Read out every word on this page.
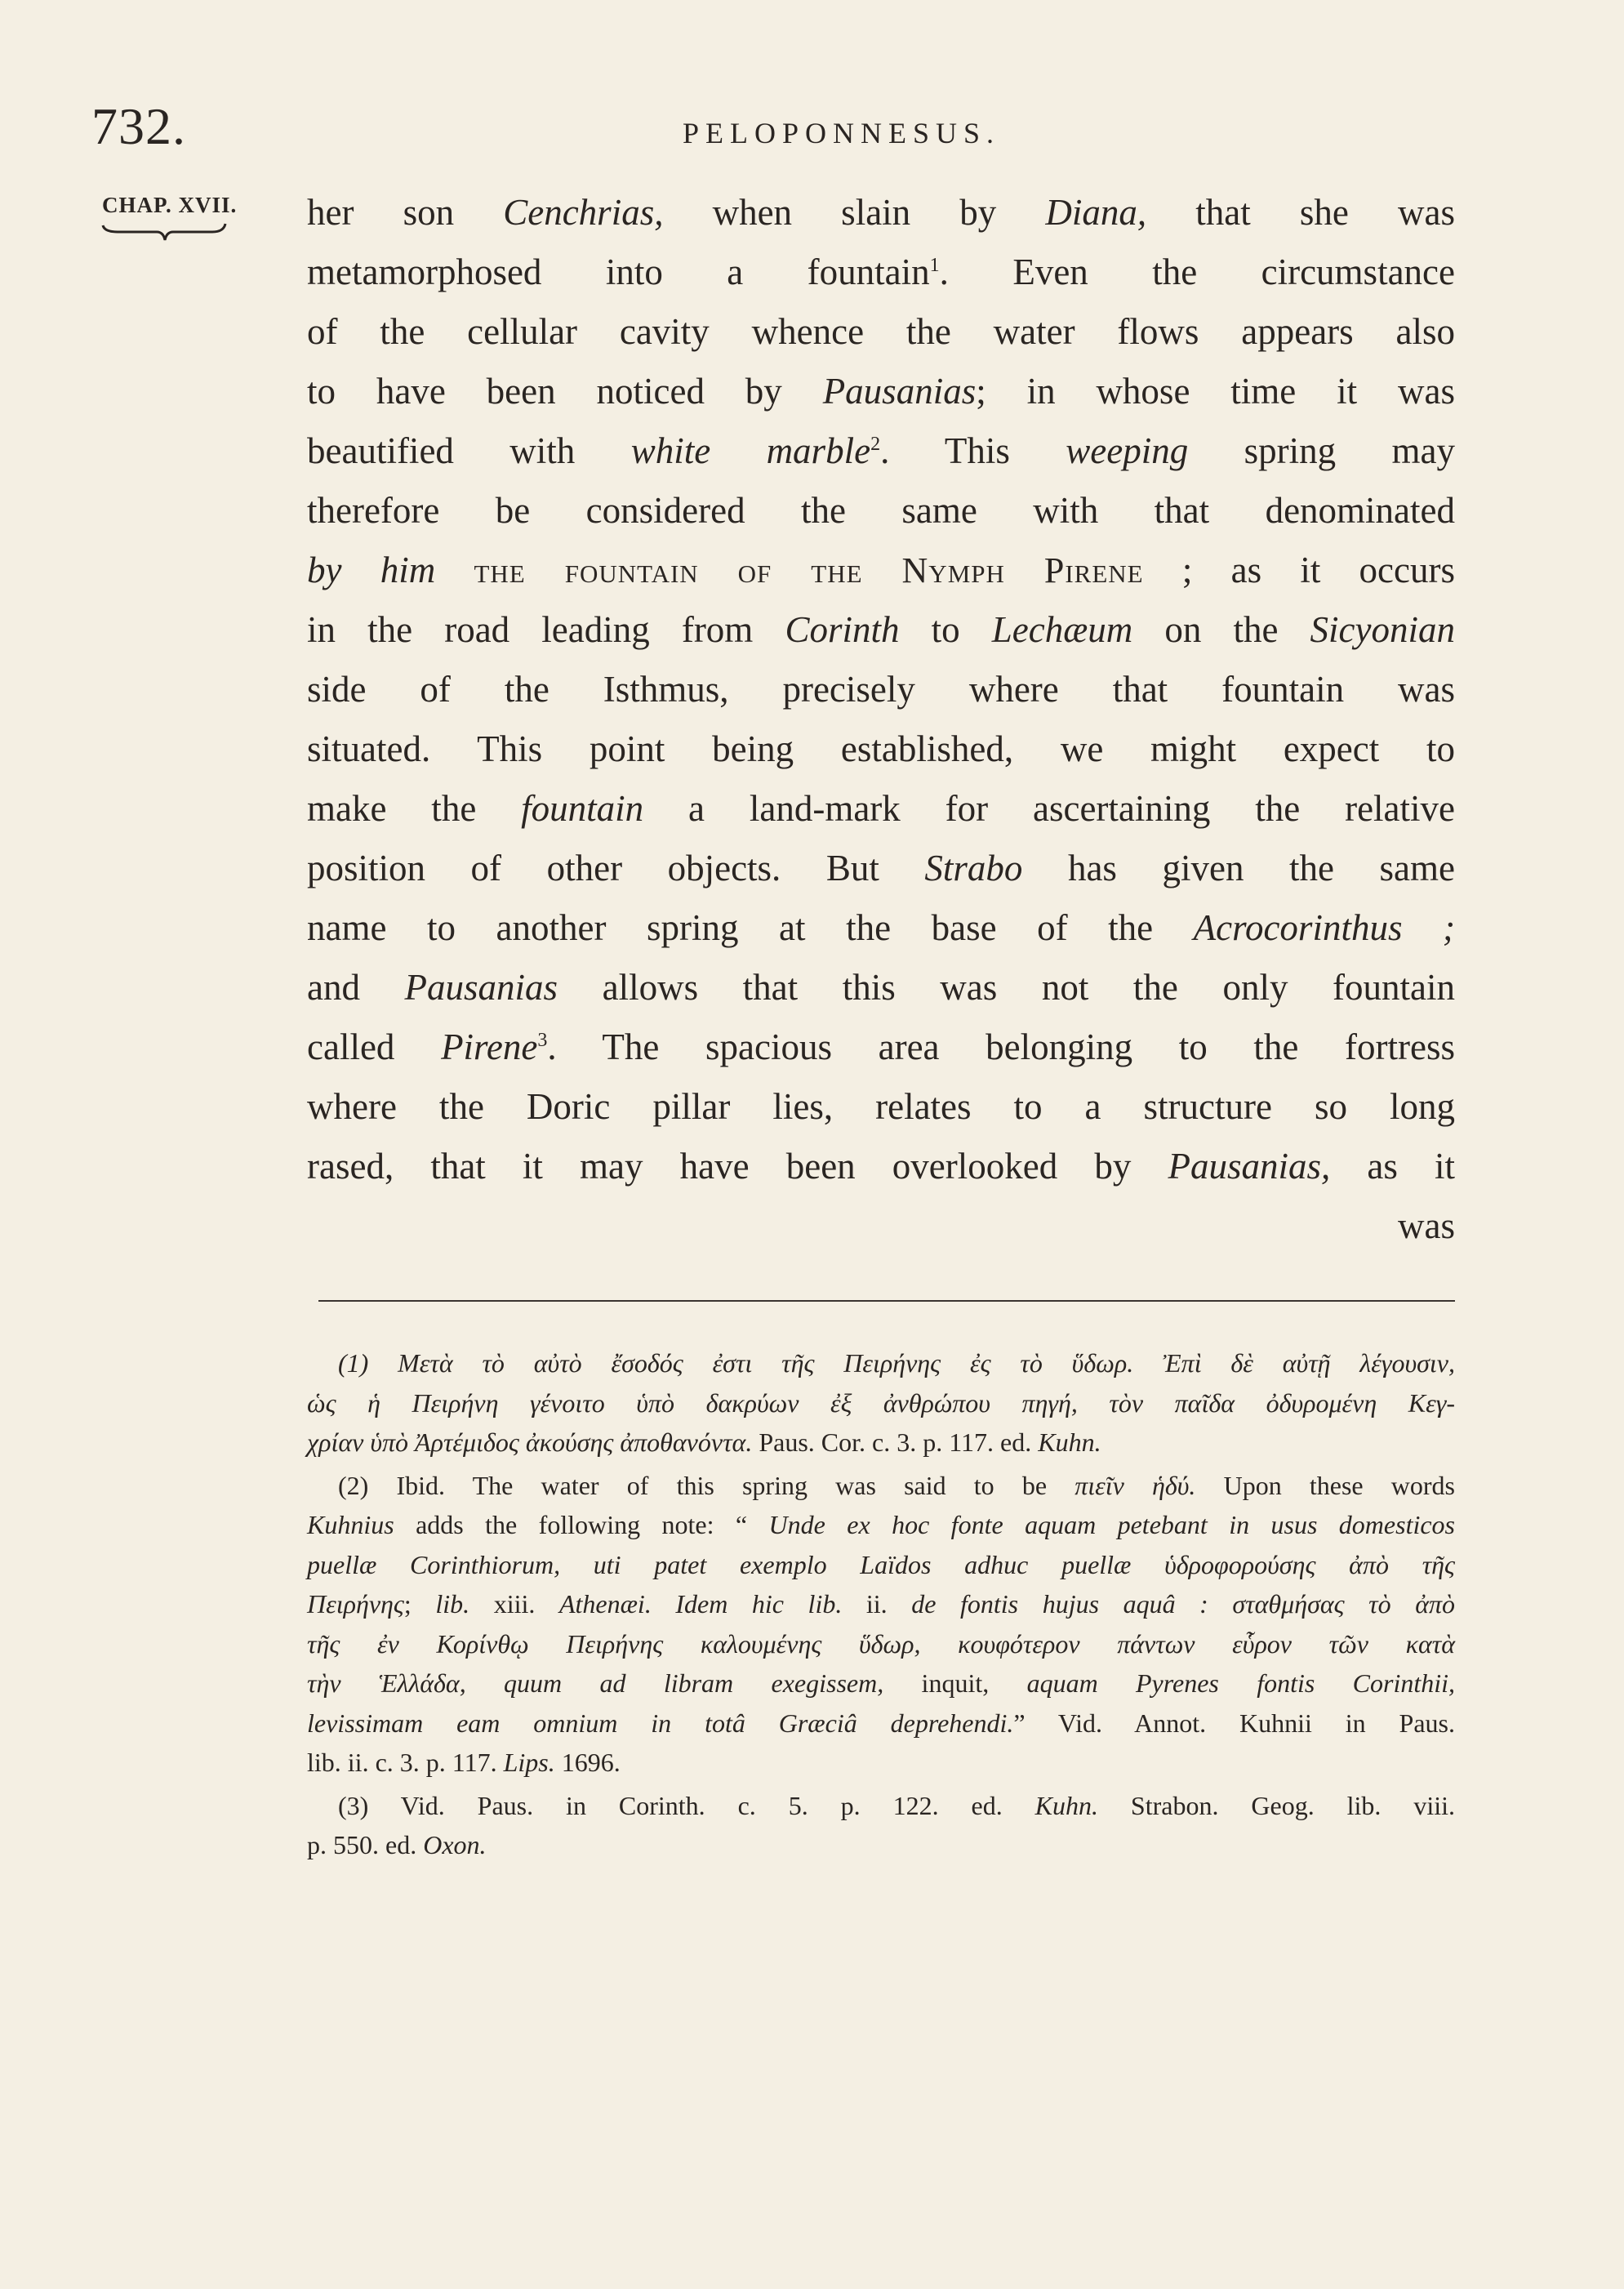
732.	PELOPONNESUS.
CHAP. XVII. her son Cenchrias, when slain by Diana, that she was
metamorphosed into a fountain$^1$. Even the circumstance
of the cellular cavity whence the water flows appears also
to have been noticed by Pausanias; in whose time it was
beautified with white marble$^2$. This weeping spring may
therefore be considered the same with that denominated
by him the fountain of the Nymph Pirene ; as it occurs
in the road leading from Corinth to Lechæum on the Sicyonian
side of the Isthmus, precisely where that fountain was
situated. This point being established, we might expect to
make the fountain a land-mark for ascertaining the relative
position of other objects. But Strabo has given the same
name to another spring at the base of the Acrocorinthus ;
and Pausanias allows that this was not the only fountain
called Pirene$^3$. The spacious area belonging to the fortress
where the Doric pillar lies, relates to a structure so long
rased, that it may have been overlooked by Pausanias, as it
was
(1) Μετὰ τὸ αὐτὸ ἔσοδός ἐστι τῆς Πειρήνης ἐς τὸ ὕδωρ. Ἐπὶ δὲ αὐτῇ λέγουσιν,
ὡς ἡ Πειρήνη γένοιτο ὑπὸ δακρύων ἐξ ἀνθρώπου πηγή, τὸν παῖδα ὀδυρομένη Κεγ-
χρίαν ὑπὸ Ἀρτέμιδος ἀκούσης ἀποθανόντα. Paus. Cor. c. 3. p. 117. ed. Kuhn.
(2) Ibid. The water of this spring was said to be πιεῖν ἡδύ. Upon these words
Kuhnius adds the following note: “ Unde ex hoc fonte aquam petebant in usus domesticos
puellæ Corinthiorum, uti patet exemplo Laïdos adhuc puellæ ὑδροφορούσης ἀπὸ τῆς
Πειρήνης; lib. xiii. Athenæi. Idem hic lib. ii. de fontis hujus aquâ : σταθμήσας τὸ ἀπὸ
τῆς ἐν Κορίνθῳ Πειρήνης καλουμένης ὕδωρ, κουφότερον πάντων εὗρον τῶν κατὰ
τὴν Ἑλλάδα, quum ad libram exegissem, inquit, aquam Pyrenes fontis Corinthii,
levissimam eam omnium in totâ Græciâ deprehendi.” Vid. Annot. Kuhnii in Paus.
lib. ii. c. 3. p. 117. Lips. 1696.
(3) Vid. Paus. in Corinth. c. 5. p. 122. ed. Kuhn. Strabon. Geog. lib. viii.
p. 550. ed. Oxon.
